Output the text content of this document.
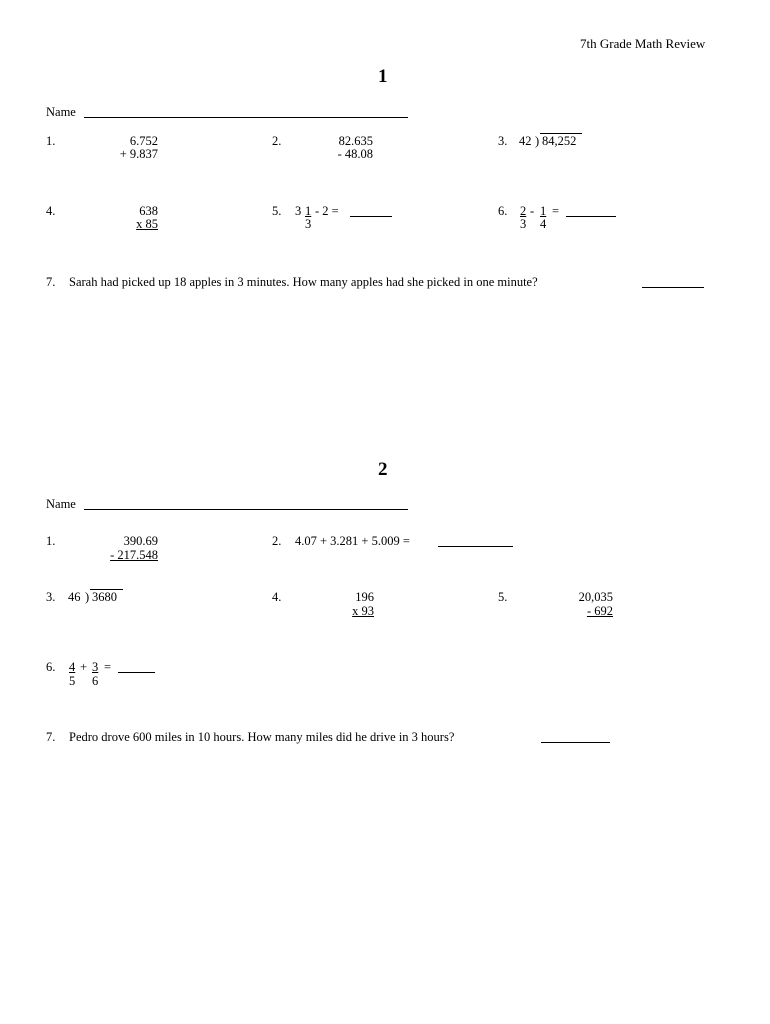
7th Grade Math Review
1
Name
1.	6.752
+ 9.837
2.	82.635
- 48.08
3. 42 ) 84,252
4.	638
x 85
5. 3 1
3
- 2 =	6. 2
3
- 1
4
=
7. Sarah had picked up 18 apples in 3 minutes. How many apples had she picked in one minute?
2
Name
1.	390.69
- 217.548
2. 4.07 + 3.281 + 5.009 =
3. 46 ) 3680	4.	196
x 93
5.	20,035
- 692
6. 4
5
+ 3
6
=
7. Pedro drove 600 miles in 10 hours. How many miles did he drive in 3 hours?
